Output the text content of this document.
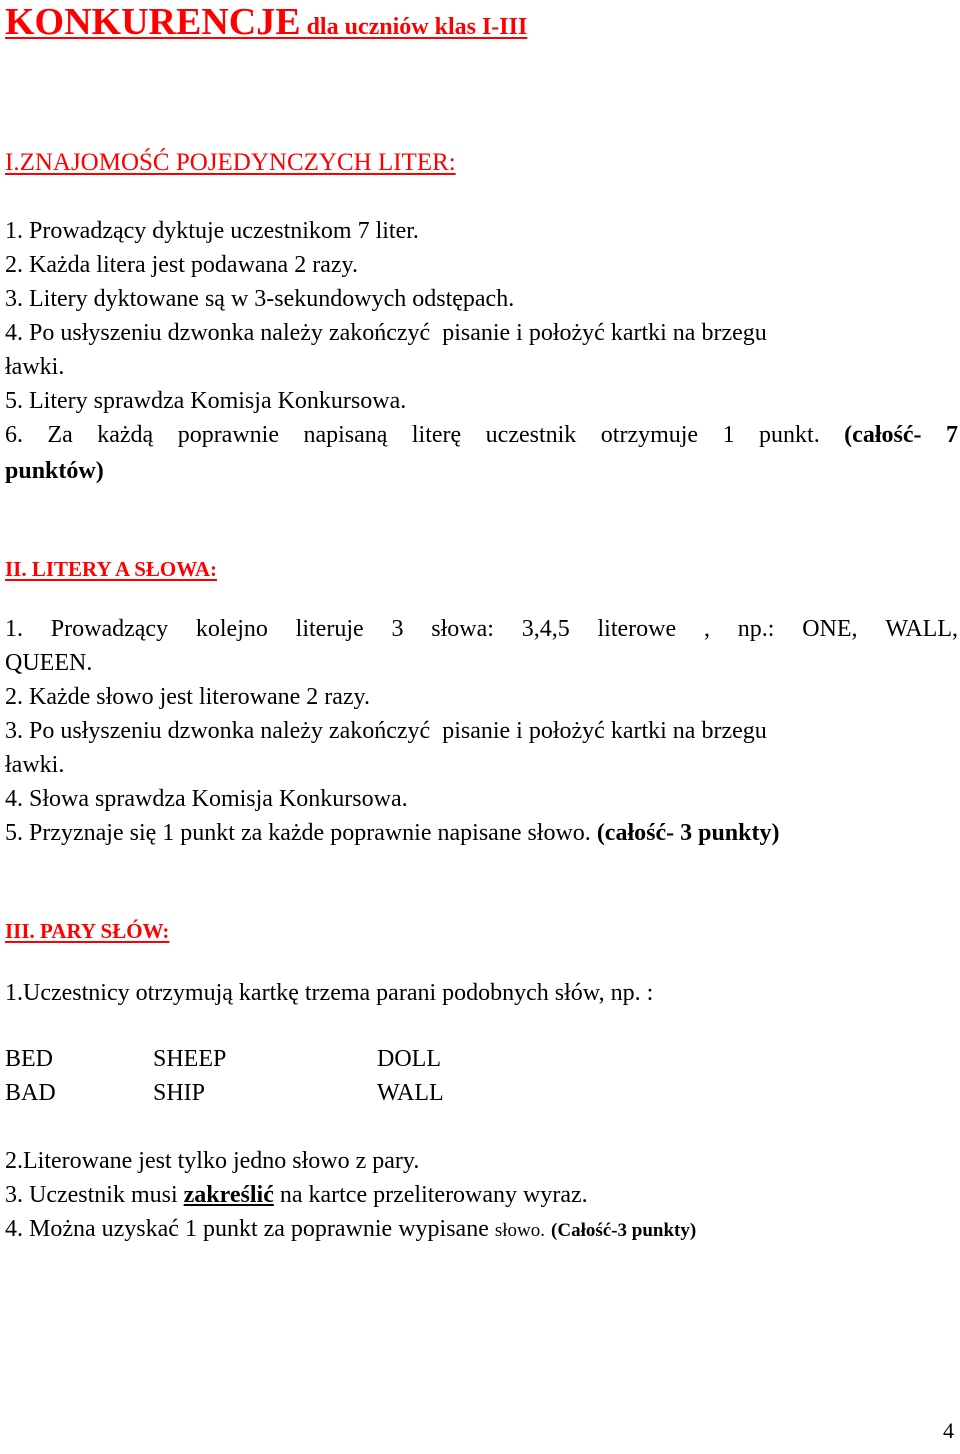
KONKURENCJE dla uczniów klas I-III
I.ZNAJOMOŚĆ POJEDYNCZYCH LITER:
1. Prowadzący dyktuje uczestnikom 7 liter.
2. Każda litera jest podawana 2 razy.
3. Litery dyktowane są w 3-sekundowych odstępach.
4. Po usłyszeniu dzwonka należy zakończyć  pisanie i położyć kartki na brzegu
ławki.
5. Litery sprawdza Komisja Konkursowa.
6. Za każdą poprawnie napisaną literę uczestnik otrzymuje 1 punkt. (całość- 7
punktów)
II. LITERY A SŁOWA:
1. Prowadzący kolejno literuje 3 słowa: 3,4,5 literowe , np.: ONE, WALL,
QUEEN.
2. Każde słowo jest literowane 2 razy.
3. Po usłyszeniu dzwonka należy zakończyć  pisanie i położyć kartki na brzegu
ławki.
4. Słowa sprawdza Komisja Konkursowa.
5. Przyznaje się 1 punkt za każde poprawnie napisane słowo. (całość- 3 punkty)
III. PARY SŁÓW:
1.Uczestnicy otrzymują kartkę trzema parani podobnych słów, np. :
BED	SHEEP	DOLL
BAD	SHIP	WALL
2.Literowane jest tylko jedno słowo z pary.
3. Uczestnik musi zakreślić na kartce przeliterowany wyraz.
4. Można uzyskać 1 punkt za poprawnie wypisane słowo. (Całość-3 punkty)
4
